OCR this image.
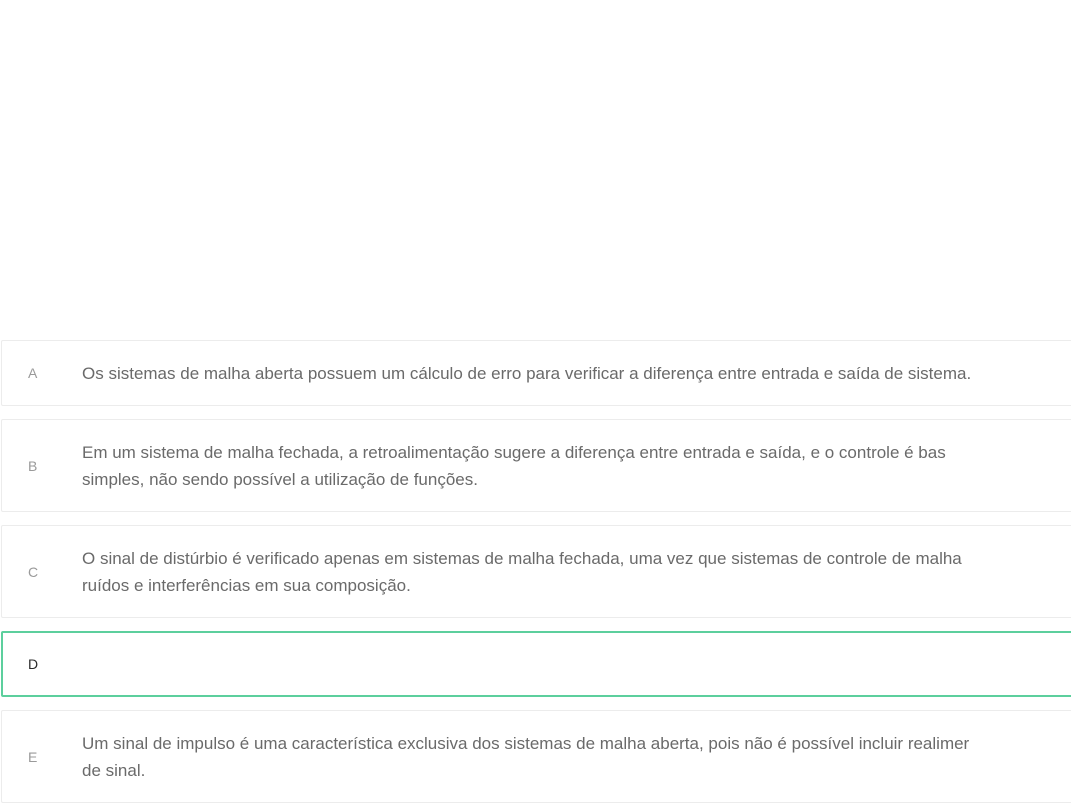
A	Os sistemas de malha aberta possuem um cálculo de erro para verificar a diferença entre entrada e saída de sistema.
B
Em um sistema de malha fechada, a retroalimentação sugere a diferença entre entrada e saída, e o controle é bas
simples, não sendo possível a utilização de funções.
C
O sinal de distúrbio é verificado apenas em sistemas de malha fechada, uma vez que sistemas de controle de malha
ruídos e interferências em sua composição.
D
E
Um sinal de impulso é uma característica exclusiva dos sistemas de malha aberta, pois não é possível incluir realimer
de sinal.
